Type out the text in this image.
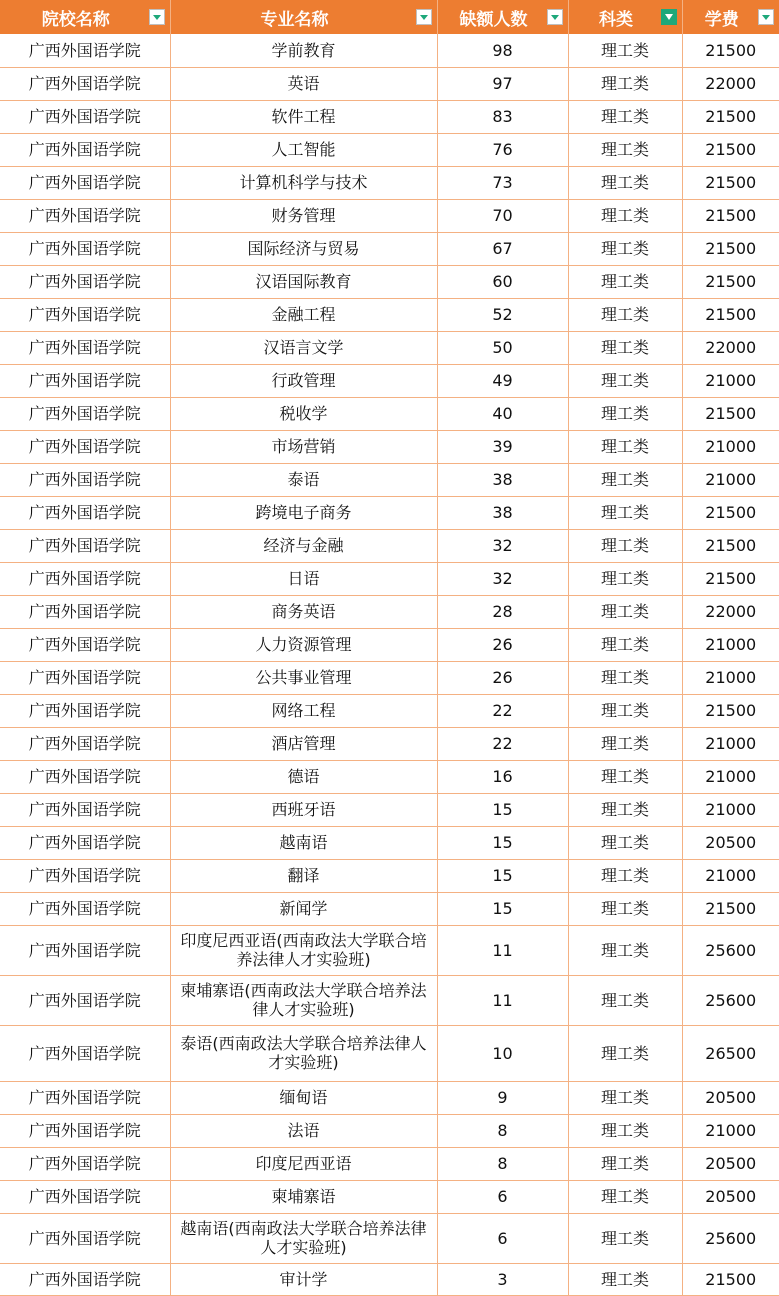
院校名称	专业名称	缺额人数	科类	学费

广西外国语学院	学前教育	98	理工类	21500
广西外国语学院	英语	97	理工类	22000
广西外国语学院	软件工程	83	理工类	21500
广西外国语学院	人工智能	76	理工类	21500
广西外国语学院	计算机科学与技术	73	理工类	21500
广西外国语学院	财务管理	70	理工类	21500
广西外国语学院	国际经济与贸易	67	理工类	21500
广西外国语学院	汉语国际教育	60	理工类	21500
广西外国语学院	金融工程	52	理工类	21500
广西外国语学院	汉语言文学	50	理工类	22000
广西外国语学院	行政管理	49	理工类	21000
广西外国语学院	税收学	40	理工类	21500
广西外国语学院	市场营销	39	理工类	21000
广西外国语学院	泰语	38	理工类	21000
广西外国语学院	跨境电子商务	38	理工类	21500
广西外国语学院	经济与金融	32	理工类	21500
广西外国语学院	日语	32	理工类	21500
广西外国语学院	商务英语	28	理工类	22000
广西外国语学院	人力资源管理	26	理工类	21000
广西外国语学院	公共事业管理	26	理工类	21000
广西外国语学院	网络工程	22	理工类	21500
广西外国语学院	酒店管理	22	理工类	21000
广西外国语学院	德语	16	理工类	21000
广西外国语学院	西班牙语	15	理工类	21000
广西外国语学院	越南语	15	理工类	20500
广西外国语学院	翻译	15	理工类	21000
广西外国语学院	新闻学	15	理工类	21500
广西外国语学院	印度尼西亚语(西南政法大学联合培养法律人才实验班)	11	理工类	25600
广西外国语学院	柬埔寨语(西南政法大学联合培养法律人才实验班)	11	理工类	25600
广西外国语学院	泰语(西南政法大学联合培养法律人才实验班)	10	理工类	26500
广西外国语学院	缅甸语	9	理工类	20500
广西外国语学院	法语	8	理工类	21000
广西外国语学院	印度尼西亚语	8	理工类	20500
广西外国语学院	柬埔寨语	6	理工类	20500
广西外国语学院	越南语(西南政法大学联合培养法律人才实验班)	6	理工类	25600
广西外国语学院	审计学	3	理工类	21500
